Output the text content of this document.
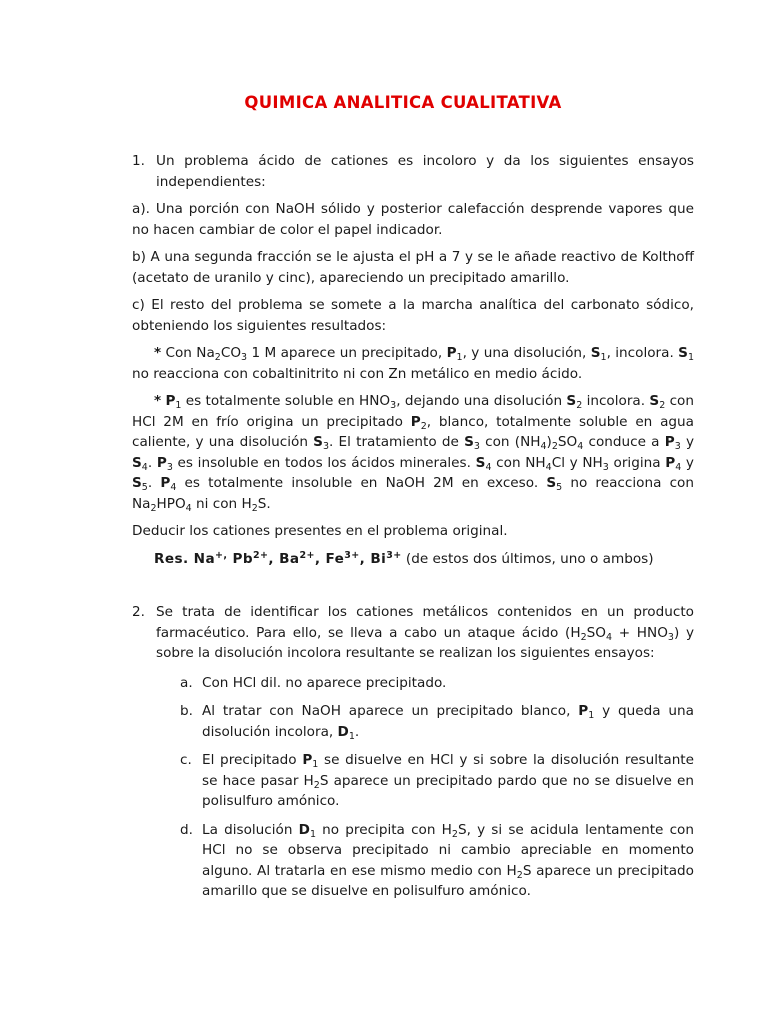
QUIMICA ANALITICA CUALITATIVA
1. Un problema ácido de cationes es incoloro y da los siguientes ensayos independientes:

a). Una porción con NaOH sólido y posterior calefacción desprende vapores que no hacen cambiar de color el papel indicador.

b) A una segunda fracción se le ajusta el pH a 7 y se le añade reactivo de Kolthoff (acetato de uranilo y cinc), apareciendo un precipitado amarillo.

c) El resto del problema se somete a la marcha analítica del carbonato sódico, obteniendo los siguientes resultados:

* Con $Na_2CO_3$ 1 M aparece un precipitado, $P_1$, y una disolución, $S_1$, incolora. $S_1$ no reacciona con cobaltinitrito ni con Zn metálico en medio ácido.

* $P_1$ es totalmente soluble en $HNO_3$, dejando una disolución $S_2$ incolora. $S_2$ con HCl 2M en frío origina un precipitado $P_2$, blanco, totalmente soluble en agua caliente, y una disolución $S_3$. El tratamiento de $S_3$ con $(NH_4)_2SO_4$ conduce a $P_3$ y $S_4$. $P_3$ es insoluble en todos los ácidos minerales. $S_4$ con $NH_4Cl$ y $NH_3$ origina $P_4$ y $S_5$. $P_4$ es totalmente insoluble en NaOH 2M en exceso. $S_5$ no reacciona con $Na_2HPO_4$ ni con $H_2S$.

Deducir los cationes presentes en el problema original.

Res. Na+, $Pb^{2+}$, $Ba^{2+}$, $Fe^{3+}$, $Bi^{3+}$ (de estos dos últimos, uno o ambos)

2. Se trata de identificar los cationes metálicos contenidos en un producto farmacéutico. Para ello, se lleva a cabo un ataque ácido $(H_2SO_4 + HNO_3)$ y sobre la disolución incolora resultante se realizan los siguientes ensayos:
a. Con HCl dil. no aparece precipitado.
b. Al tratar con NaOH aparece un precipitado blanco, $P_1$ y queda una disolución incolora, $D_1$.
c. El precipitado $P_1$ se disuelve en HCl y si sobre la disolución resultante se hace pasar $H_2S$ aparece un precipitado pardo que no se disuelve en polisulfuro amónico.
d. La disolución $D_1$ no precipita con $H_2S$, y si se acidula lentamente con HCl no se observa precipitado ni cambio apreciable en momento alguno. Al tratarla en ese mismo medio con $H_2S$ aparece un precipitado amarillo que se disuelve en polisulfuro amónico.
